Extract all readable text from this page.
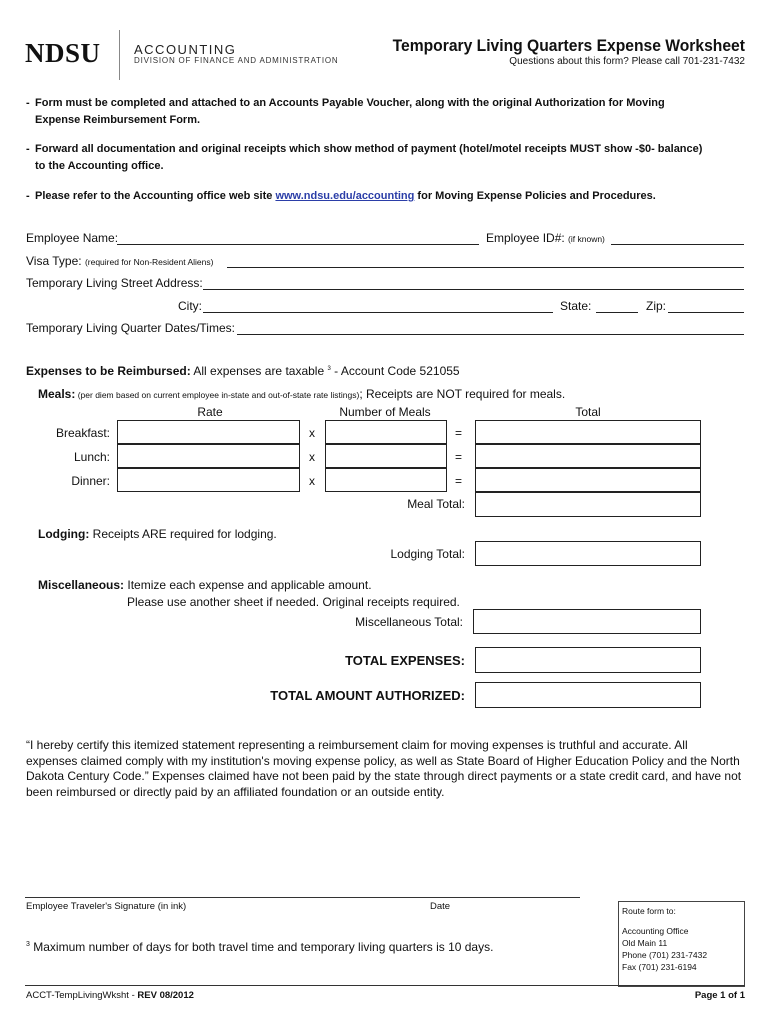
NDSU	ACCOUNTING
DIVISION OF FINANCE AND ADMINISTRATION
Temporary Living Quarters Expense Worksheet
Questions about this form? Please call 701-231-7432
- Form must be completed and attached to an Accounts Payable Voucher, along with the original Authorization for Moving
Expense Reimbursement Form.
- Forward all documentation and original receipts which show method of payment (hotel/motel receipts MUST show -$0- balance)
to the Accounting office.
- Please refer to the Accounting office web site www.ndsu.edu/accounting for Moving Expense Policies and Procedures.
Employee Name:	Employee ID#: (if known)
Visa Type: (required for Non-Resident Aliens)
Temporary Living Street Address:
City:	State:	Zip:
Temporary Living Quarter Dates/Times:
Expenses to be Reimbursed: All expenses are taxable $^3$ - Account Code 521055
Meals: (per diem based on current employee in-state and out-of-state rate listings); Receipts are NOT required for meals.
Rate	Number of Meals	Total
Breakfast:	x	=
Lunch:	x	=
Dinner:	x	=
Meal Total:
Lodging: Receipts ARE required for lodging.
Lodging Total:
Miscellaneous: Itemize each expense and applicable amount.
Please use another sheet if needed. Original receipts required.
Miscellaneous Total:
TOTAL EXPENSES:
TOTAL AMOUNT AUTHORIZED:
“I hereby certify this itemized statement representing a reimbursement claim for moving expenses is truthful and accurate. All
expenses claimed comply with my institution's moving expense policy, as well as State Board of Higher Education Policy and the North
Dakota Century Code.” Expenses claimed have not been paid by the state through direct payments or a state credit card, and have not
been reimbursed or directly paid by an affiliated foundation or an outside entity.
Employee Traveler's Signature (in ink)	Date
$^3$ Maximum number of days for both travel time and temporary living quarters is 10 days.
Route form to:
Accounting Office
Old Main 11
Phone (701) 231-7432
Fax (701) 231-6194
ACCT-TempLivingWksht - REV 08/2012	Page 1 of 1
